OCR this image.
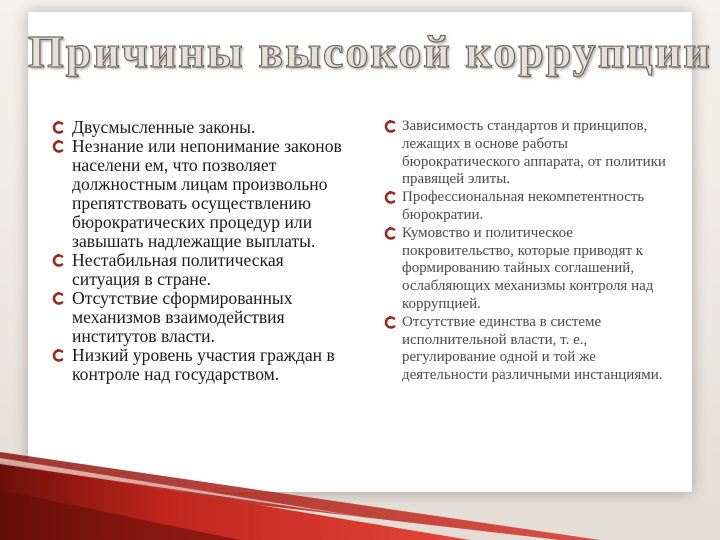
Причины высокой коррупции
Двусмысленные законы.
Незнание или непонимание законов населени ем, что позволяет должностным лицам произвольно препятствовать осуществлению бюрократических процедур или завышать надлежащие выплаты.
Нестабильная политическая ситуация в стране.
Отсутствие сформированных механизмов взаимодействия институтов власти.
Низкий уровень участия граждан в контроле над государством.
Зависимость стандартов и принципов, лежащих в основе работы бюрократического аппарата, от политики правящей элиты.
Профессиональная некомпетентность бюрократии.
Кумовство и политическое покровительство, которые приводят к формированию тайных соглашений, ослабляющих механизмы контроля над коррупцией.
Отсутствие единства в системе исполнительной власти, т. е., регулирование одной и той же деятельности различными инстанциями.
